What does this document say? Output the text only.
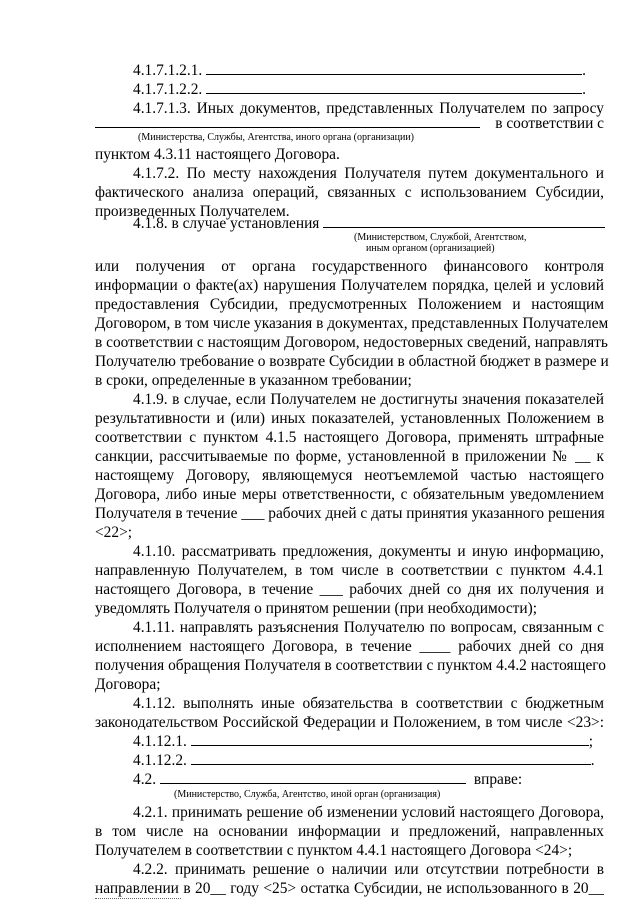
4.1.7.1.2.1.	.
4.1.7.1.2.2.	.
4.1.7.1.3. Иных документов, представленных Получателем по запросу
в соответствии с
(Министерства, Службы, Агентства, иного органа (организации)
пунктом 4.3.11 настоящего Договора.
4.1.7.2. По месту нахождения Получателя путем документального и
фактического анализа операций, связанных с использованием Субсидии,
произведенных Получателем.
4.1.8. в случае установления
(Министерством, Службой, Агентством,
иным органом (организацией)
или получения от органа государственного финансового контроля
информации о факте(ах) нарушения Получателем порядка, целей и условий
предоставления Субсидии, предусмотренных Положением и настоящим
Договором, в том числе указания в документах, представленных Получателем
в соответствии с настоящим Договором, недостоверных сведений, направлять
Получателю требование о возврате Субсидии в областной бюджет в размере и
в сроки, определенные в указанном требовании;
4.1.9. в случае, если Получателем не достигнуты значения показателей
результативности и (или) иных показателей, установленных Положением в
соответствии с пунктом 4.1.5 настоящего Договора, применять штрафные
санкции, рассчитываемые по форме, установленной в приложении № __ к
настоящему Договору, являющемуся неотъемлемой частью настоящего
Договора, либо иные меры ответственности, с обязательным уведомлением
Получателя в течение ___ рабочих дней с даты принятия указанного решения
<22>;
4.1.10. рассматривать предложения, документы и иную информацию,
направленную Получателем, в том числе в соответствии с пунктом 4.4.1
настоящего Договора, в течение ___ рабочих дней со дня их получения и
уведомлять Получателя о принятом решении (при необходимости);
4.1.11. направлять разъяснения Получателю по вопросам, связанным с
исполнением настоящего Договора, в течение ____ рабочих дней со дня
получения обращения Получателя в соответствии с пунктом 4.4.2 настоящего
Договора;
4.1.12. выполнять иные обязательства в соответствии с бюджетным
законодательством Российской Федерации и Положением, в том числе <23>:
4.1.12.1.	;
4.1.12.2.	.
4.2.	вправе:
(Министерство, Служба, Агентство, иной орган (организация)
4.2.1. принимать решение об изменении условий настоящего Договора,
в том числе на основании информации и предложений, направленных
Получателем в соответствии с пунктом 4.4.1 настоящего Договора <24>;
4.2.2. принимать решение о наличии или отсутствии потребности в
направлении в 20__ году <25> остатка Субсидии, не использованного в 20__
